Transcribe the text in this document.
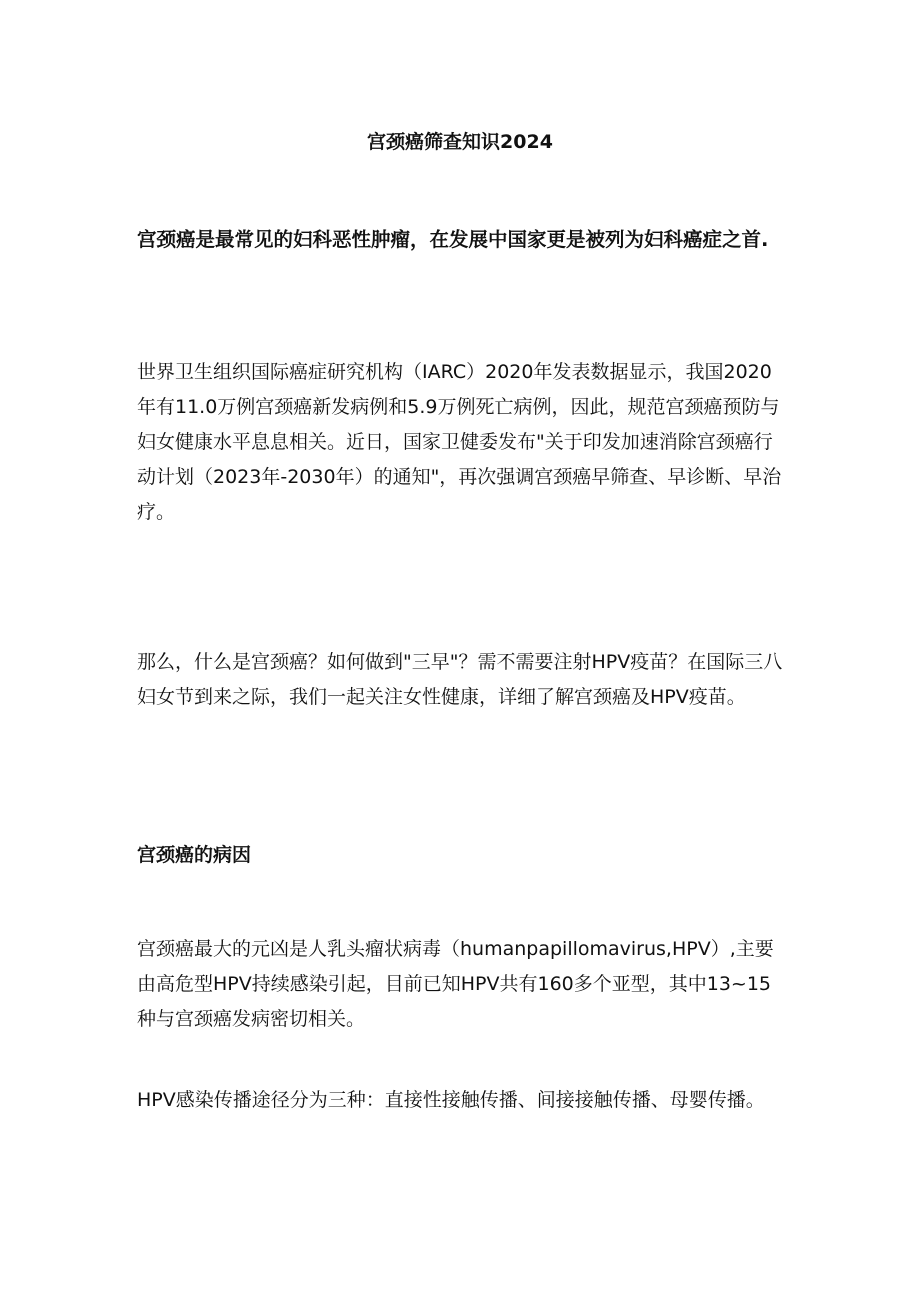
宫颈癌筛查知识2024

宫颈癌是最常见的妇科恶性肿瘤，在发展中国家更是被列为妇科癌症之首.

世界卫生组织国际癌症研究机构（IARC）2020年发表数据显示，我国2020年有11.0万例宫颈癌新发病例和5.9万例死亡病例，因此，规范宫颈癌预防与妇女健康水平息息相关。近日，国家卫健委发布"关于印发加速消除宫颈癌行动计划（2023年-2030年）的通知"，再次强调宫颈癌早筛查、早诊断、早治疗。

那么，什么是宫颈癌？如何做到"三早"？需不需要注射HPV疫苗？在国际三八妇女节到来之际，我们一起关注女性健康，详细了解宫颈癌及HPV疫苗。

宫颈癌的病因

宫颈癌最大的元凶是人乳头瘤状病毒（humanpapillomavirus,HPV）,主要由高危型HPV持续感染引起，目前已知HPV共有160多个亚型，其中13~15种与宫颈癌发病密切相关。

HPV感染传播途径分为三种：直接性接触传播、间接接触传播、母婴传播。
